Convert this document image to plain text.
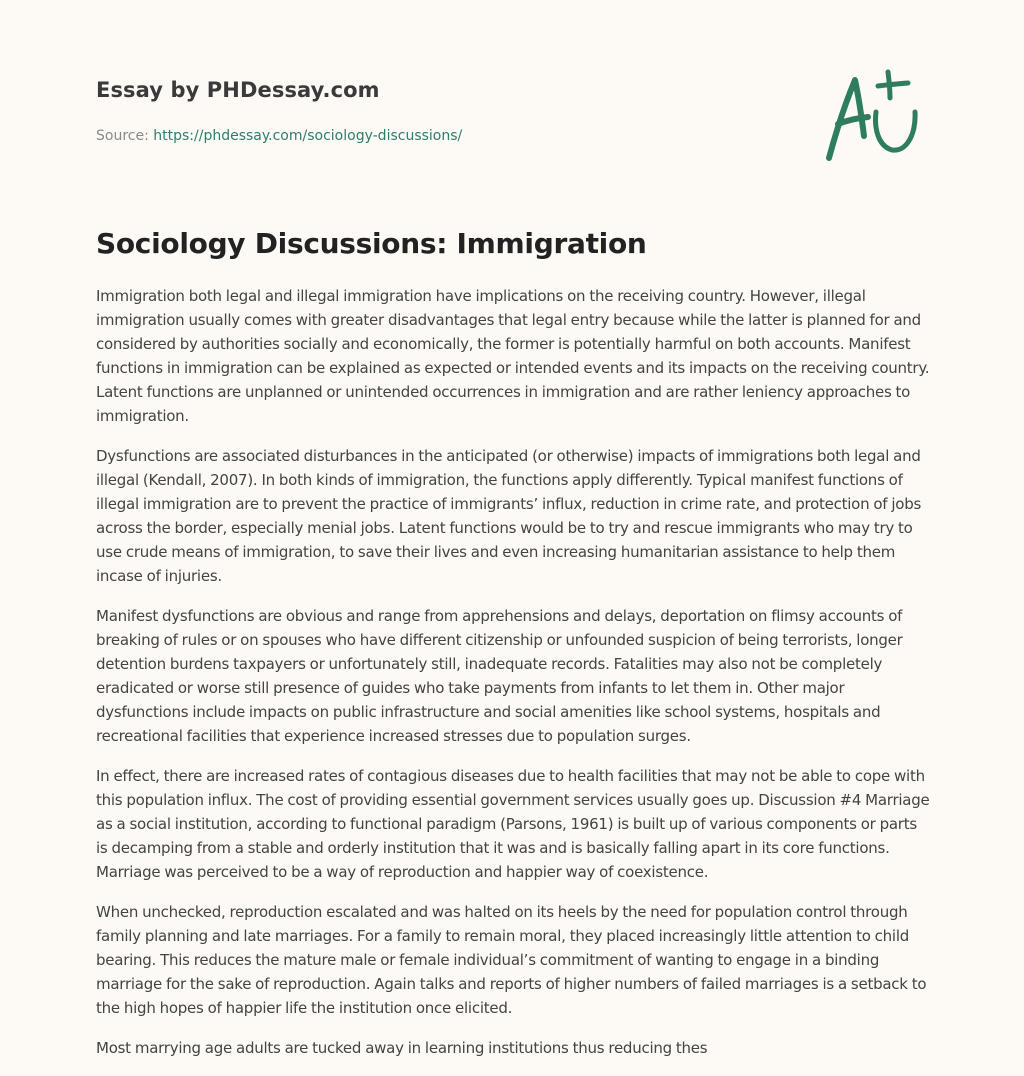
Essay by PHDessay.com
Source: https://phdessay.com/sociology-discussions/
Sociology Discussions: Immigration

Immigration both legal and illegal immigration have implications on the receiving country. However, illegal immigration usually comes with greater disadvantages that legal entry because while the latter is planned for and considered by authorities socially and economically, the former is potentially harmful on both accounts. Manifest functions in immigration can be explained as expected or intended events and its impacts on the receiving country. Latent functions are unplanned or unintended occurrences in immigration and are rather leniency approaches to immigration.

Dysfunctions are associated disturbances in the anticipated (or otherwise) impacts of immigrations both legal and illegal (Kendall, 2007). In both kinds of immigration, the functions apply differently. Typical manifest functions of illegal immigration are to prevent the practice of immigrants’ influx, reduction in crime rate, and protection of jobs across the border, especially menial jobs. Latent functions would be to try and rescue immigrants who may try to use crude means of immigration, to save their lives and even increasing humanitarian assistance to help them incase of injuries.

Manifest dysfunctions are obvious and range from apprehensions and delays, deportation on flimsy accounts of breaking of rules or on spouses who have different citizenship or unfounded suspicion of being terrorists, longer detention burdens taxpayers or unfortunately still, inadequate records. Fatalities may also not be completely eradicated or worse still presence of guides who take payments from infants to let them in. Other major dysfunctions include impacts on public infrastructure and social amenities like school systems, hospitals and recreational facilities that experience increased stresses due to population surges.

In effect, there are increased rates of contagious diseases due to health facilities that may not be able to cope with this population influx. The cost of providing essential government services usually goes up. Discussion #4 Marriage as a social institution, according to functional paradigm (Parsons, 1961) is built up of various components or parts is decamping from a stable and orderly institution that it was and is basically falling apart in its core functions. Marriage was perceived to be a way of reproduction and happier way of coexistence.

When unchecked, reproduction escalated and was halted on its heels by the need for population control through family planning and late marriages. For a family to remain moral, they placed increasingly little attention to child bearing. This reduces the mature male or female individual’s commitment of wanting to engage in a binding marriage for the sake of reproduction. Again talks and reports of higher numbers of failed marriages is a setback to the high hopes of happier life the institution once elicited.

Most marrying age adults are tucked away in learning institutions thus reducing thes
